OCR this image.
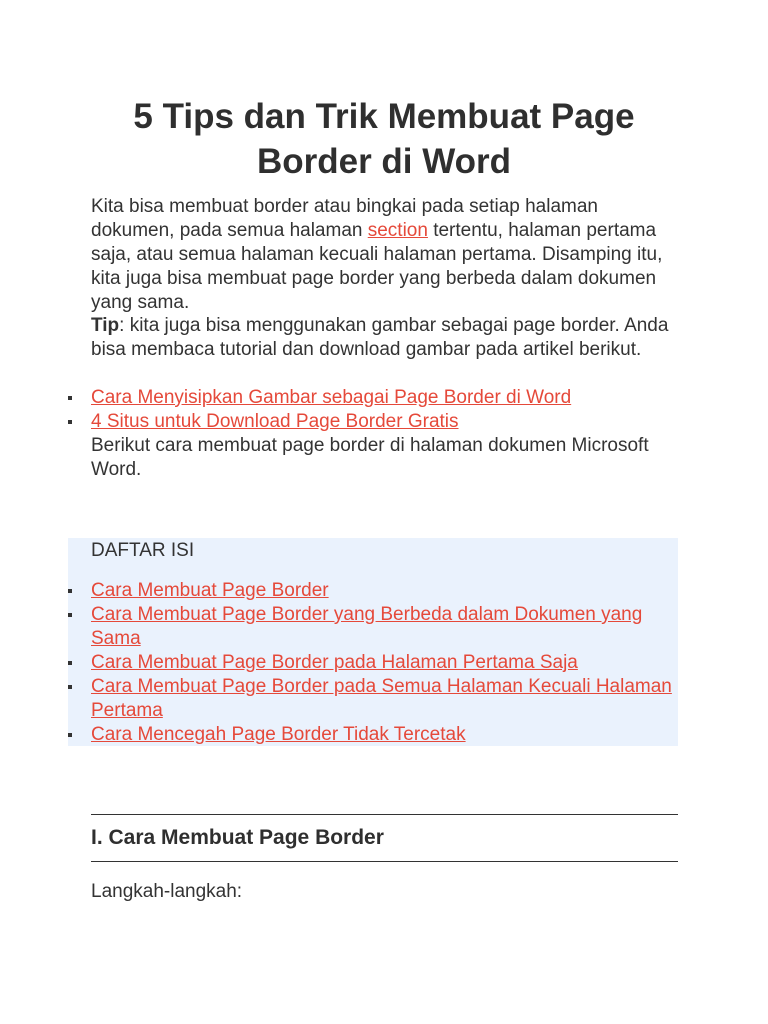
5 Tips dan Trik Membuat Page Border di Word

Kita bisa membuat border atau bingkai pada setiap halaman dokumen, pada semua halaman section tertentu, halaman pertama saja, atau semua halaman kecuali halaman pertama. Disamping itu, kita juga bisa membuat page border yang berbeda dalam dokumen yang sama.

Tip: kita juga bisa menggunakan gambar sebagai page border. Anda bisa membaca tutorial dan download gambar pada artikel berikut.

Cara Menyisipkan Gambar sebagai Page Border di Word
4 Situs untuk Download Page Border Gratis

Berikut cara membuat page border di halaman dokumen Microsoft Word.

DAFTAR ISI
Cara Membuat Page Border
Cara Membuat Page Border yang Berbeda dalam Dokumen yang Sama
Cara Membuat Page Border pada Halaman Pertama Saja
Cara Membuat Page Border pada Semua Halaman Kecuali Halaman Pertama
Cara Mencegah Page Border Tidak Tercetak
I. Cara Membuat Page Border

Langkah-langkah:
